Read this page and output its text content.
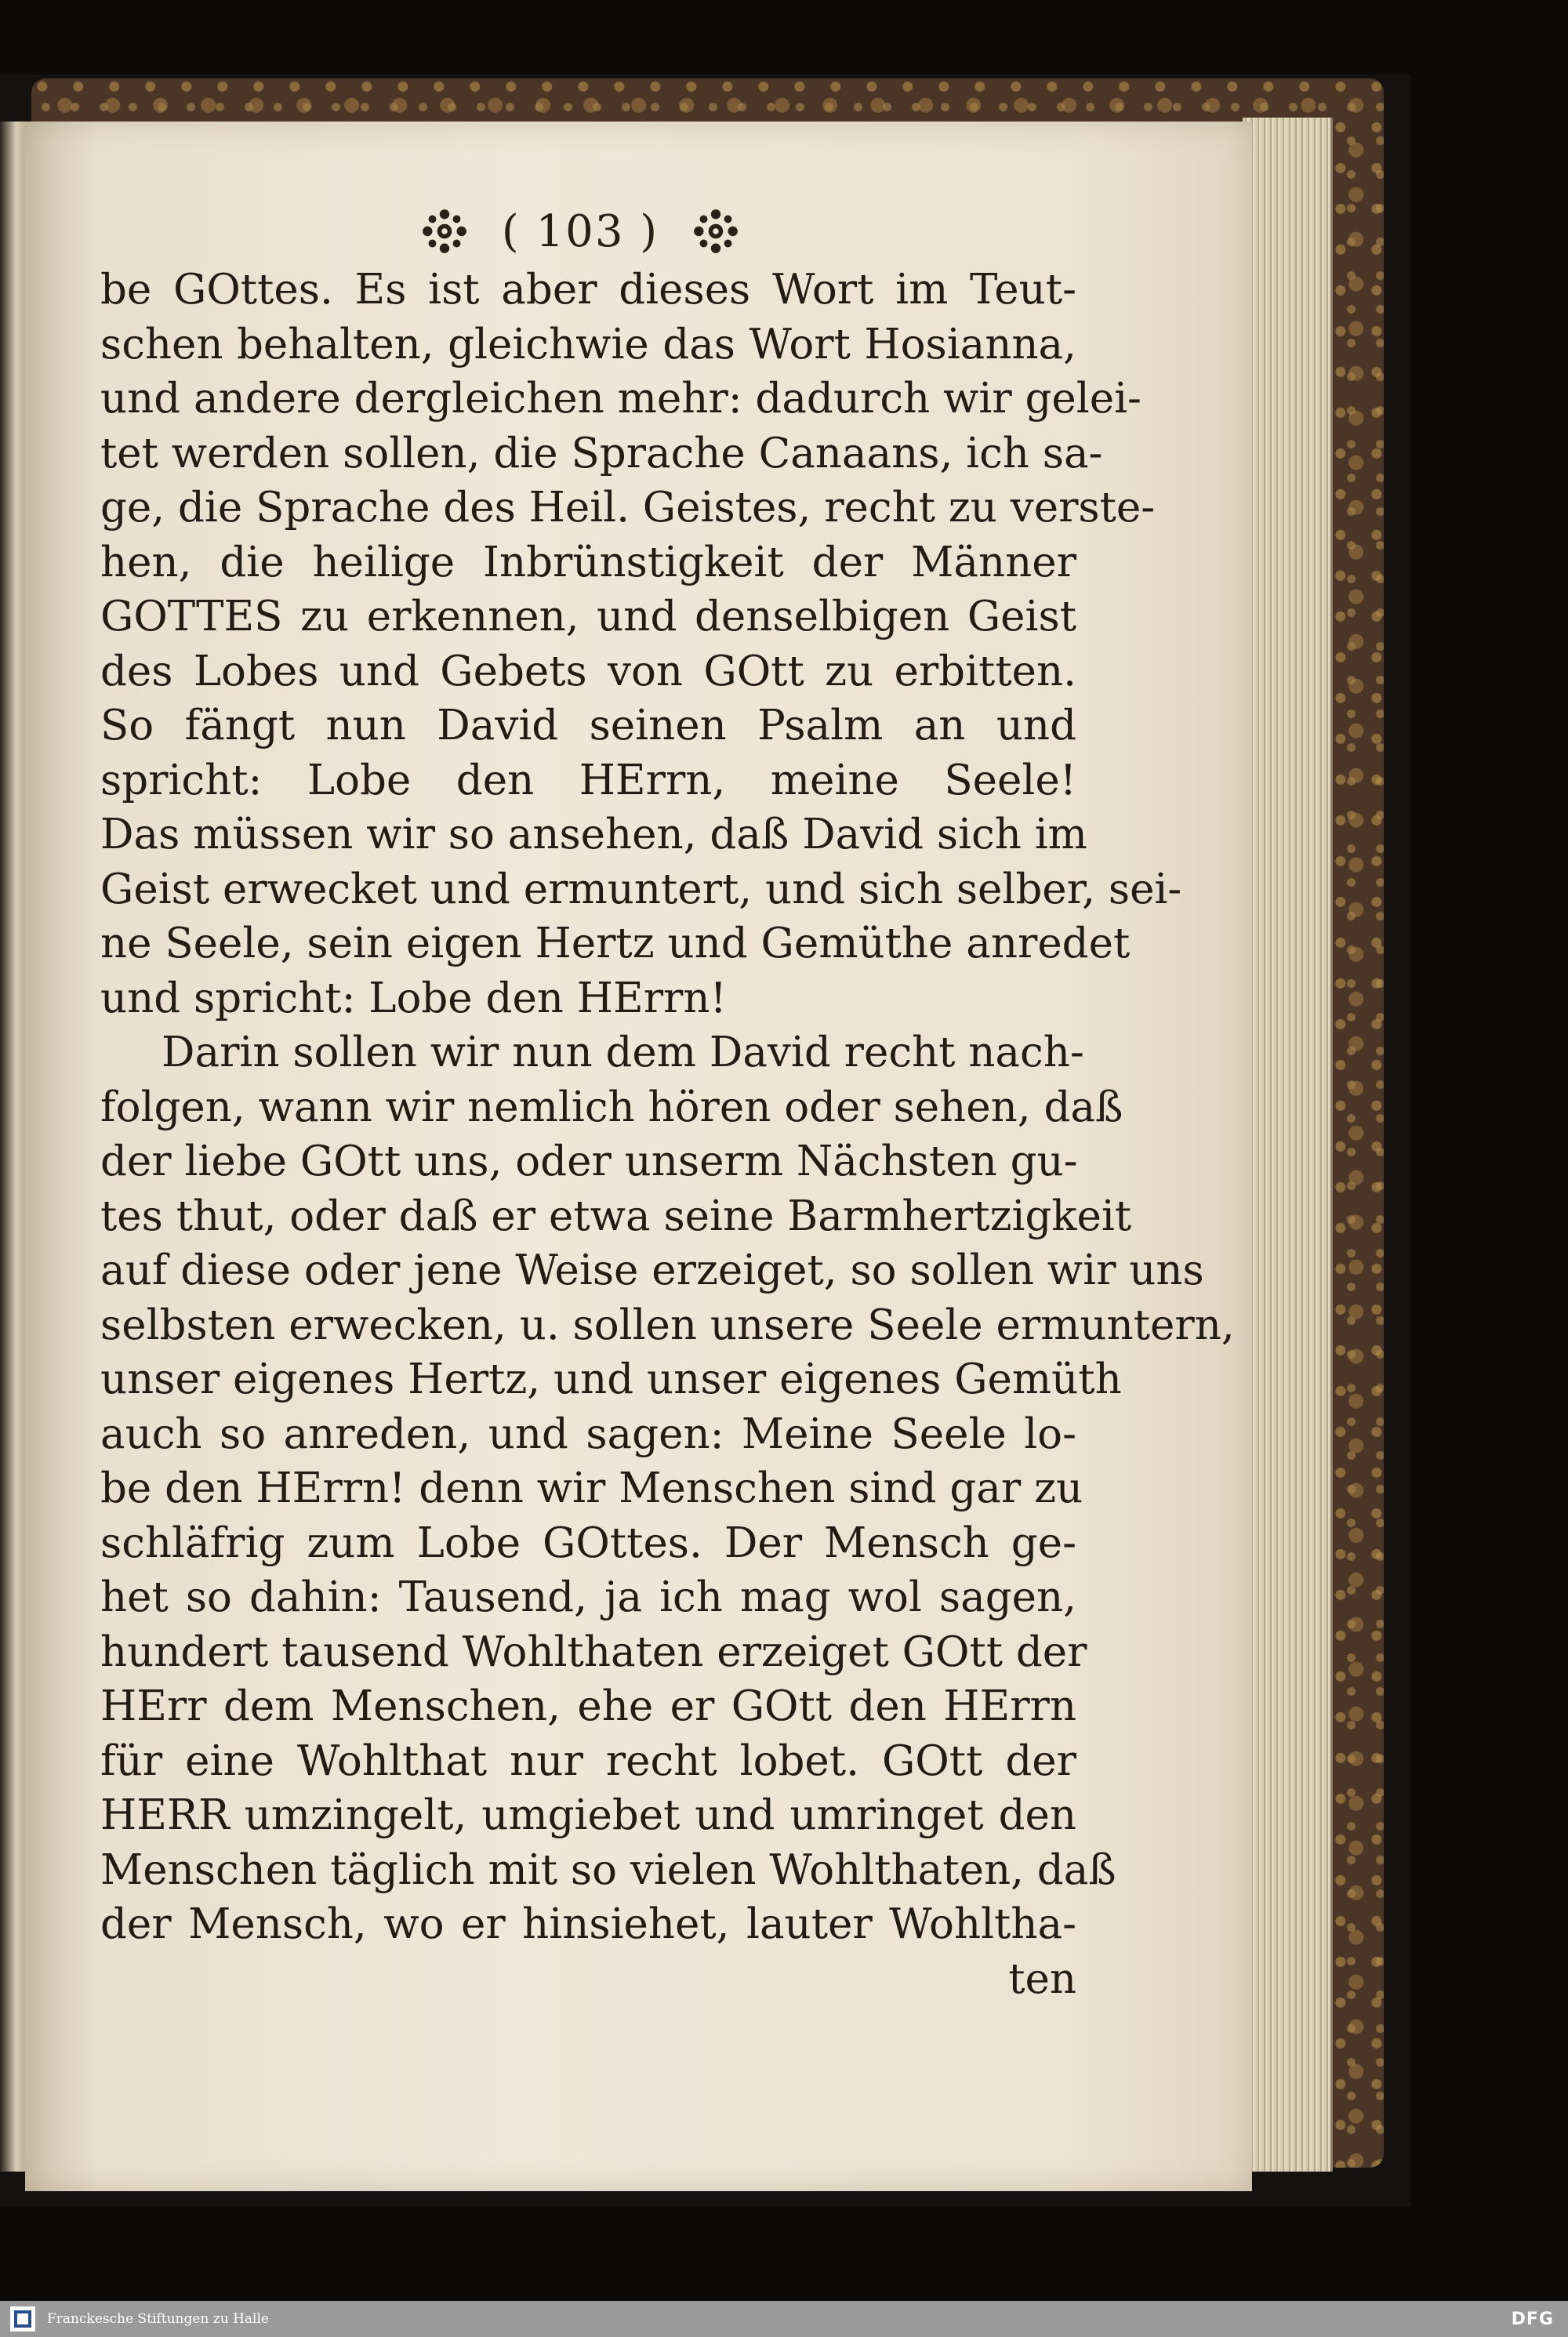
( 103 )
be GOttes. Es ist aber dieses Wort im Teut-
schen behalten, gleichwie das Wort Hosianna,
und andere dergleichen mehr: dadurch wir gelei-
tet werden sollen, die Sprache Canaans, ich sa-
ge, die Sprache des Heil. Geistes, recht zu verste-
hen, die heilige Inbrünstigkeit der Männer
GOTTES zu erkennen, und denselbigen Geist
des Lobes und Gebets von GOtt zu erbitten.
So fängt nun David seinen Psalm an und
spricht: Lobe den HErrn, meine Seele!
Das müssen wir so ansehen, daß David sich im
Geist erwecket und ermuntert, und sich selber, sei-
ne Seele, sein eigen Hertz und Gemüthe anredet
und spricht: Lobe den HErrn!
Darin sollen wir nun dem David recht nach-
folgen, wann wir nemlich hören oder sehen, daß
der liebe GOtt uns, oder unserm Nächsten gu-
tes thut, oder daß er etwa seine Barmhertzigkeit
auf diese oder jene Weise erzeiget, so sollen wir uns
selbsten erwecken, u. sollen unsere Seele ermuntern,
unser eigenes Hertz, und unser eigenes Gemüth
auch so anreden, und sagen: Meine Seele lo-
be den HErrn! denn wir Menschen sind gar zu
schläfrig zum Lobe GOttes. Der Mensch ge-
het so dahin: Tausend, ja ich mag wol sagen,
hundert tausend Wohlthaten erzeiget GOtt der
HErr dem Menschen, ehe er GOtt den HErrn
für eine Wohlthat nur recht lobet. GOtt der
HERR umzingelt, umgiebet und umringet den
Menschen täglich mit so vielen Wohlthaten, daß
der Mensch, wo er hinsiehet, lauter Wohltha-
ten
Franckesche Stiftungen zu Halle	DFG
